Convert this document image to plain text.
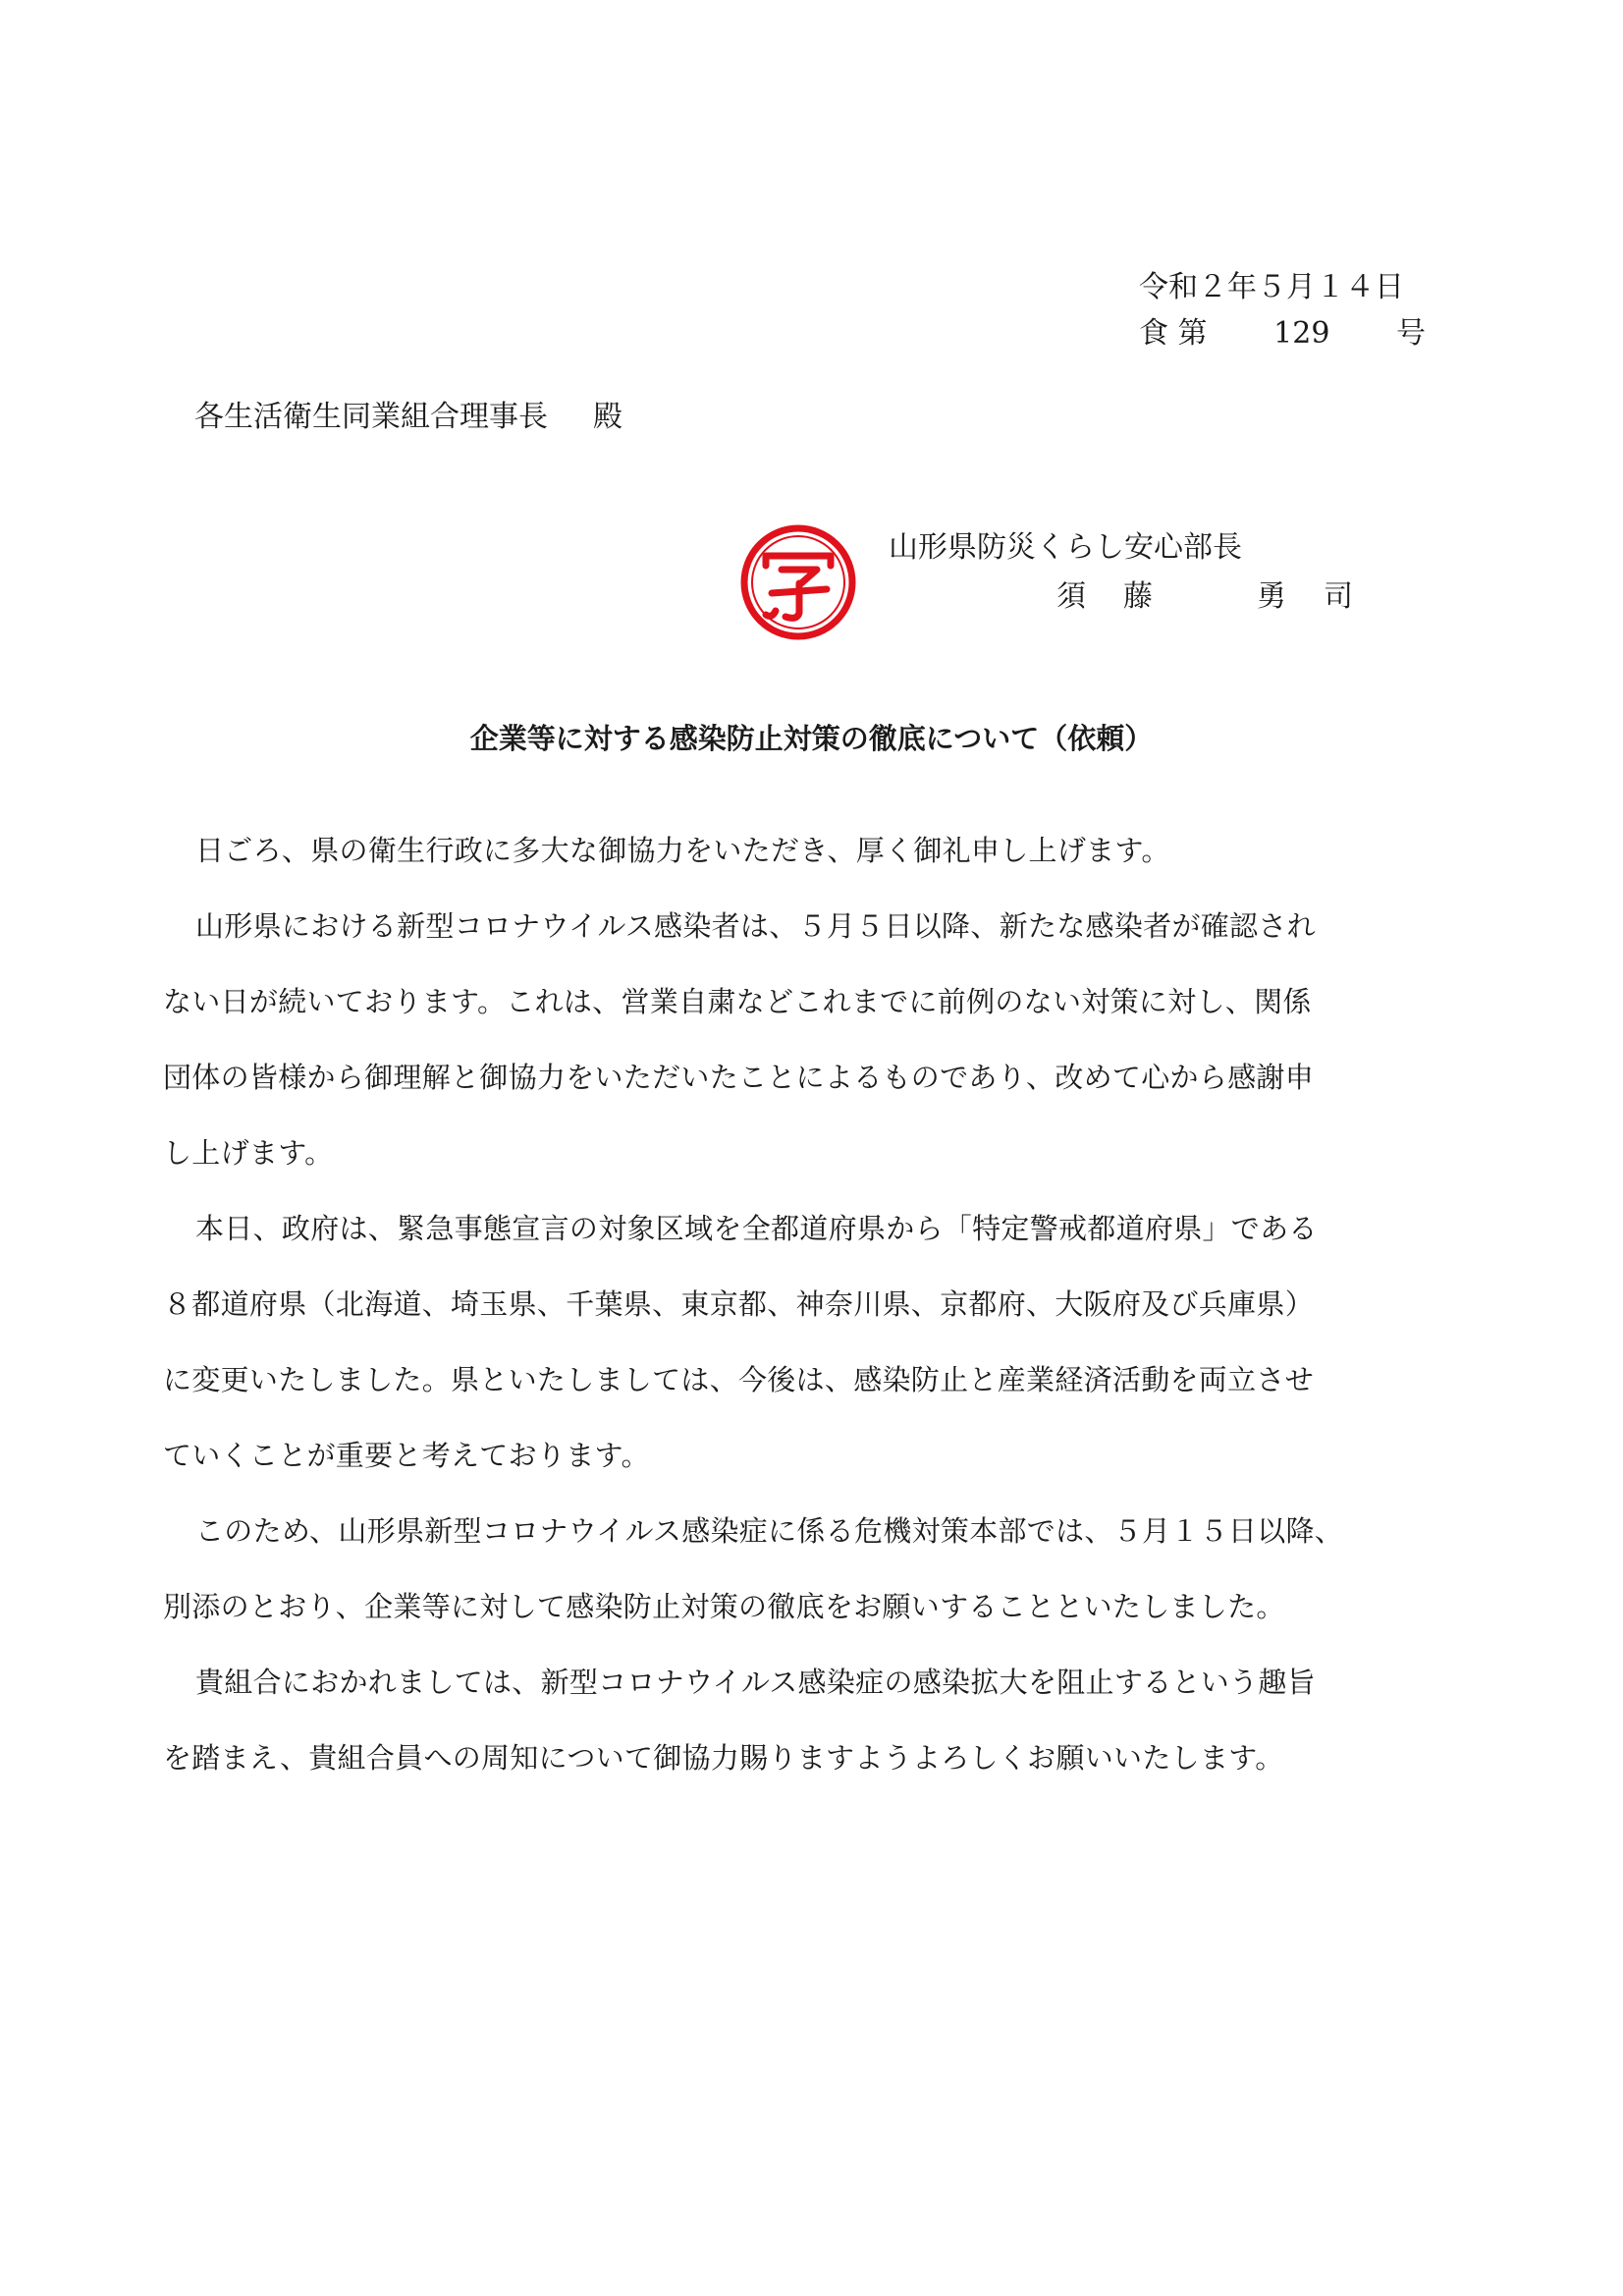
食 第 129 号

令和２年５月１４日
各生活衛生同業組合理事長 殿
山形県防災くらし安心部長
須 藤	勇 司
企業等に対する感染防止対策の徹底について（依頼）
日ごろ、県の衛生行政に多大な御協力をいただき、厚く御礼申し上げます。
山形県における新型コロナウイルス感染者は、５月５日以降、新たな感染者が確認され
ない日が続いております。これは、営業自粛などこれまでに前例のない対策に対し、関係
団体の皆様から御理解と御協力をいただいたことによるものであり、改めて心から感謝申
し上げます。
本日、政府は、緊急事態宣言の対象区域を全都道府県から「特定警戒都道府県」である
８都道府県（北海道、埼玉県、千葉県、東京都、神奈川県、京都府、大阪府及び兵庫県）
に変更いたしました。県といたしましては、今後は、感染防止と産業経済活動を両立させ
ていくことが重要と考えております。
このため、山形県新型コロナウイルス感染症に係る危機対策本部では、５月１５日以降、
別添のとおり、企業等に対して感染防止対策の徹底をお願いすることといたしました。
貴組合におかれましては、新型コロナウイルス感染症の感染拡大を阻止するという趣旨
を踏まえ、貴組合員への周知について御協力賜りますようよろしくお願いいたします。
